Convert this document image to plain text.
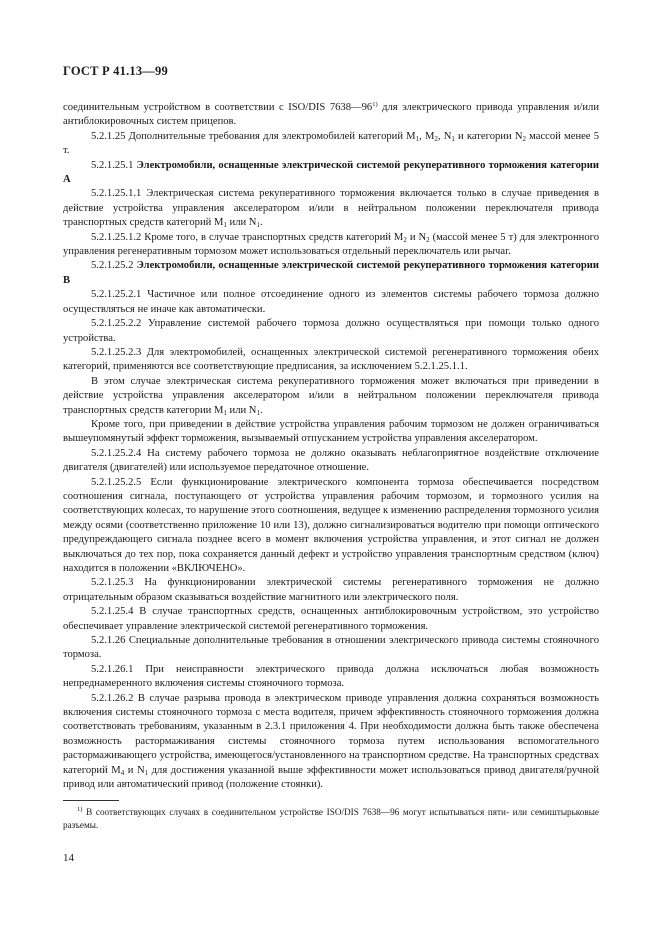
ГОСТ Р 41.13—99

соединительным устройством в соответствии с ISO/DIS 7638—96$^{1)}$ для электрического привода управления и/или антиблокировочных систем прицепов.

5.2.1.25 Дополнительные требования для электромобилей категорий $M_1$, $M_2$, $N_1$ и категории $N_2$ массой менее 5 т.

5.2.1.25.1 Электромобили, оснащенные электрической системой рекуперативного торможения категории А

5.2.1.25.1.1 Электрическая система рекуперативного торможения включается только в случае приведения в действие устройства управления акселератором и/или в нейтральном положении переключателя привода транспортных средств категорий $M_1$ или $N_1$.

5.2.1.25.1.2 Кроме того, в случае транспортных средств категорий $M_2$ и $N_2$ (массой менее 5 т) для электронного управления регенеративным тормозом может использоваться отдельный переключатель или рычаг.

5.2.1.25.2 Электромобили, оснащенные электрической системой рекуперативного торможения категории В

5.2.1.25.2.1 Частичное или полное отсоединение одного из элементов системы рабочего тормоза должно осуществляться не иначе как автоматически.

5.2.1.25.2.2 Управление системой рабочего тормоза должно осуществляться при помощи только одного устройства.

5.2.1.25.2.3 Для электромобилей, оснащенных электрической системой регенеративного торможения обеих категорий, применяются все соответствующие предписания, за исключением 5.2.1.25.1.1.

В этом случае электрическая система рекуперативного торможения может включаться при приведении в действие устройства управления акселератором и/или в нейтральном положении переключателя привода транспортных средств категории $M_1$ или $N_1$.

Кроме того, при приведении в действие устройства управления рабочим тормозом не должен ограничиваться вышеупомянутый эффект торможения, вызываемый отпусканием устройства управления акселератором.

5.2.1.25.2.4 На систему рабочего тормоза не должно оказывать неблагоприятное воздействие отключение двигателя (двигателей) или используемое передаточное отношение.

5.2.1.25.2.5 Если функционирование электрического компонента тормоза обеспечивается посредством соотношения сигнала, поступающего от устройства управления рабочим тормозом, и тормозного усилия на соответствующих колесах, то нарушение этого соотношения, ведущее к изменению распределения тормозного усилия между осями (соответственно приложение 10 или 13), должно сигнализироваться водителю при помощи оптического предупреждающего сигнала позднее всего в момент включения устройства управления, и этот сигнал не должен выключаться до тех пор, пока сохраняется данный дефект и устройство управления транспортным средством (ключ) находится в положении «ВКЛЮЧЕНО».

5.2.1.25.3 На функционировании электрической системы регенеративного торможения не должно отрицательным образом сказываться воздействие магнитного или электрического поля.

5.2.1.25.4 В случае транспортных средств, оснащенных антиблокировочным устройством, это устройство обеспечивает управление электрической системой регенеративного торможения.

5.2.1.26 Специальные дополнительные требования в отношении электрического привода системы стояночного тормоза.

5.2.1.26.1 При неисправности электрического привода должна исключаться любая возможность непреднамеренного включения системы стояночного тормоза.

5.2.1.26.2 В случае разрыва провода в электрическом приводе управления должна сохраняться возможность включения системы стояночного тормоза с места водителя, причем эффективность стояночного торможения должна соответствовать требованиям, указанным в 2.3.1 приложения 4. При необходимости должна быть также обеспечена возможность растормаживания системы стояночного тормоза путем использования вспомогательного растормаживающего устройства, имеющегося/установленного на транспортном средстве. На транспортных средствах категорий $M_4$ и $N_1$ для достижения указанной выше эффективности может использоваться привод двигателя/ручной привод или автоматический привод (положение стоянки).

$^{1)}$ В соответствующих случаях в соединительном устройстве ISO/DIS 7638—96 могут испытываться пяти- или семиштырьковые разъемы.
14
